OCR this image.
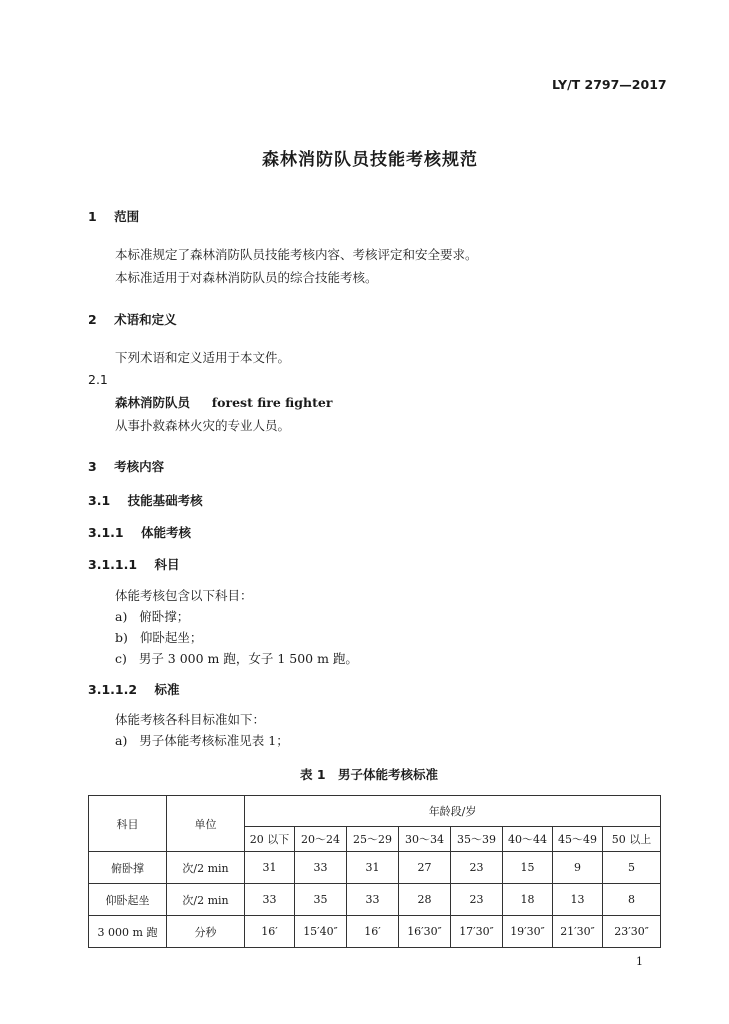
LY/T 2797—2017
森林消防队员技能考核规范
1 范围
本标准规定了森林消防队员技能考核内容、考核评定和安全要求。
本标准适用于对森林消防队员的综合技能考核。
2 术语和定义
下列术语和定义适用于本文件。
2.1
森林消防队员 forest fire fighter
从事扑救森林火灾的专业人员。
3 考核内容
3.1 技能基础考核
3.1.1 体能考核
3.1.1.1 科目
体能考核包含以下科目：
a) 俯卧撑；
b) 仰卧起坐；
c) 男子 3 000 m 跑，女子 1 500 m 跑。
3.1.1.2 标准
体能考核各科目标准如下：
a) 男子体能考核标准见表 1；
表 1　男子体能考核标准
科目	单位	年龄段/岁							
		20 以下	20～24	25～29	30～34	35～39	40～44	45～49	50 以上
俯卧撑	次/2 min	31	33	31	27	23	15	9	5
仰卧起坐	次/2 min	33	35	33	28	23	18	13	8
3 000 m 跑	分秒	16′	15′40″	16′	16′30″	17′30″	19′30″	21′30″	23′30″
1
